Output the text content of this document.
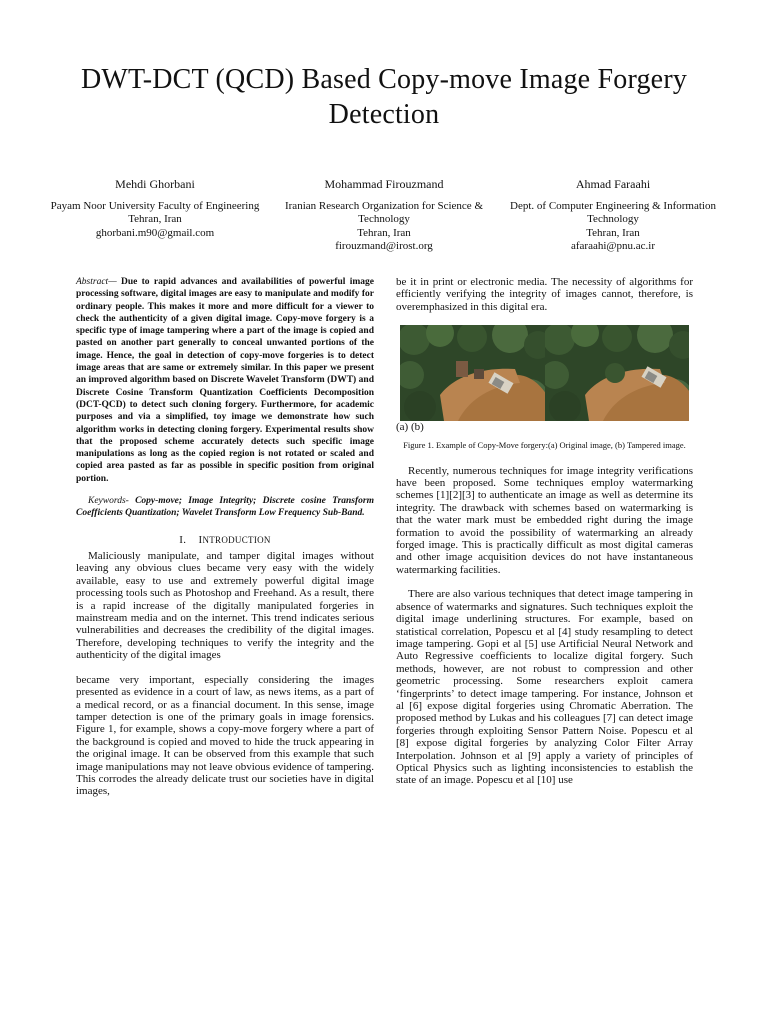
DWT-DCT (QCD) Based Copy-move Image Forgery Detection
Mehdi Ghorbani
Payam Noor University Faculty of Engineering
Tehran, Iran
ghorbani.m90@gmail.com
Mohammad Firouzmand
Iranian Research Organization for Science & Technology
Tehran, Iran
firouzmand@irost.org
Ahmad Faraahi
Dept. of Computer Engineering & Information Technology
Tehran, Iran
afaraahi@pnu.ac.ir
Abstract— Due to rapid advances and availabilities of powerful image processing software, digital images are easy to manipulate and modify for ordinary people. This makes it more and more difficult for a viewer to check the authenticity of a given digital image. Copy-move forgery is a specific type of image tampering where a part of the image is copied and pasted on another part generally to conceal unwanted portions of the image. Hence, the goal in detection of copy-move forgeries is to detect image areas that are same or extremely similar. In this paper we present an improved algorithm based on Discrete Wavelet Transform (DWT) and Discrete Cosine Transform Quantization Coefficients Decomposition (DCT-QCD) to detect such cloning forgery. Furthermore, for academic purposes and via a simplified, toy image we demonstrate how such algorithm works in detecting cloning forgery. Experimental results show that the proposed scheme accurately detects such specific image manipulations as long as the copied region is not rotated or scaled and copied area pasted as far as possible in specific position from original portion.
Keywords- Copy-move; Image Integrity; Discrete cosine Transform Coefficients Quantization; Wavelet Transform Low Frequency Sub-Band.
I. INTRODUCTION

Maliciously manipulate, and tamper digital images without leaving any obvious clues became very easy with the widely available, easy to use and extremely powerful digital image processing tools such as Photoshop and Freehand. As a result, there is a rapid increase of the digitally manipulated forgeries in mainstream media and on the internet. This trend indicates serious vulnerabilities and decreases the credibility of the digital images. Therefore, developing techniques to verify the integrity and the authenticity of the digital images

became very important, especially considering the images presented as evidence in a court of law, as news items, as a part of a medical record, or as a financial document. In this sense, image tamper detection is one of the primary goals in image forensics. Figure 1, for example, shows a copy-move forgery where a part of the background is copied and moved to hide the truck appearing in the original image. It can be observed from this example that such image manipulations may not leave obvious evidence of tampering. This corrodes the already delicate trust our societies have in digital images,

be it in print or electronic media. The necessity of algorithms for efficiently verifying the integrity of images cannot, therefore, is overemphasized in this digital era.

(a) (b)
Figure 1. Example of Copy-Move forgery:(a) Original image, (b) Tampered image.

Recently, numerous techniques for image integrity verifications have been proposed. Some techniques employ watermarking schemes [1][2][3] to authenticate an image as well as determine its integrity. The drawback with schemes based on watermarking is that the water mark must be embedded right during the image formation to avoid the possibility of watermarking an already forged image. This is practically difficult as most digital cameras and other image acquisition devices do not have instantaneous watermarking facilities.

There are also various techniques that detect image tampering in absence of watermarks and signatures. Such techniques exploit the digital image underlining structures. For example, based on statistical correlation, Popescu et al [4] study resampling to detect image tampering. Gopi et al [5] use Artificial Neural Network and Auto Regressive coefficients to localize digital forgery. Such methods, however, are not robust to compression and other geometric processing. Some researchers exploit camera ‘fingerprints’ to detect image tampering. For instance, Johnson et al [6] expose digital forgeries using Chromatic Aberration. The proposed method by Lukas and his colleagues [7] can detect image forgeries through exploiting Sensor Pattern Noise. Popescu et al [8] expose digital forgeries by analyzing Color Filter Array Interpolation. Johnson et al [9] apply a variety of principles of Optical Physics such as lighting inconsistencies to establish the state of an image. Popescu et al [10] use
